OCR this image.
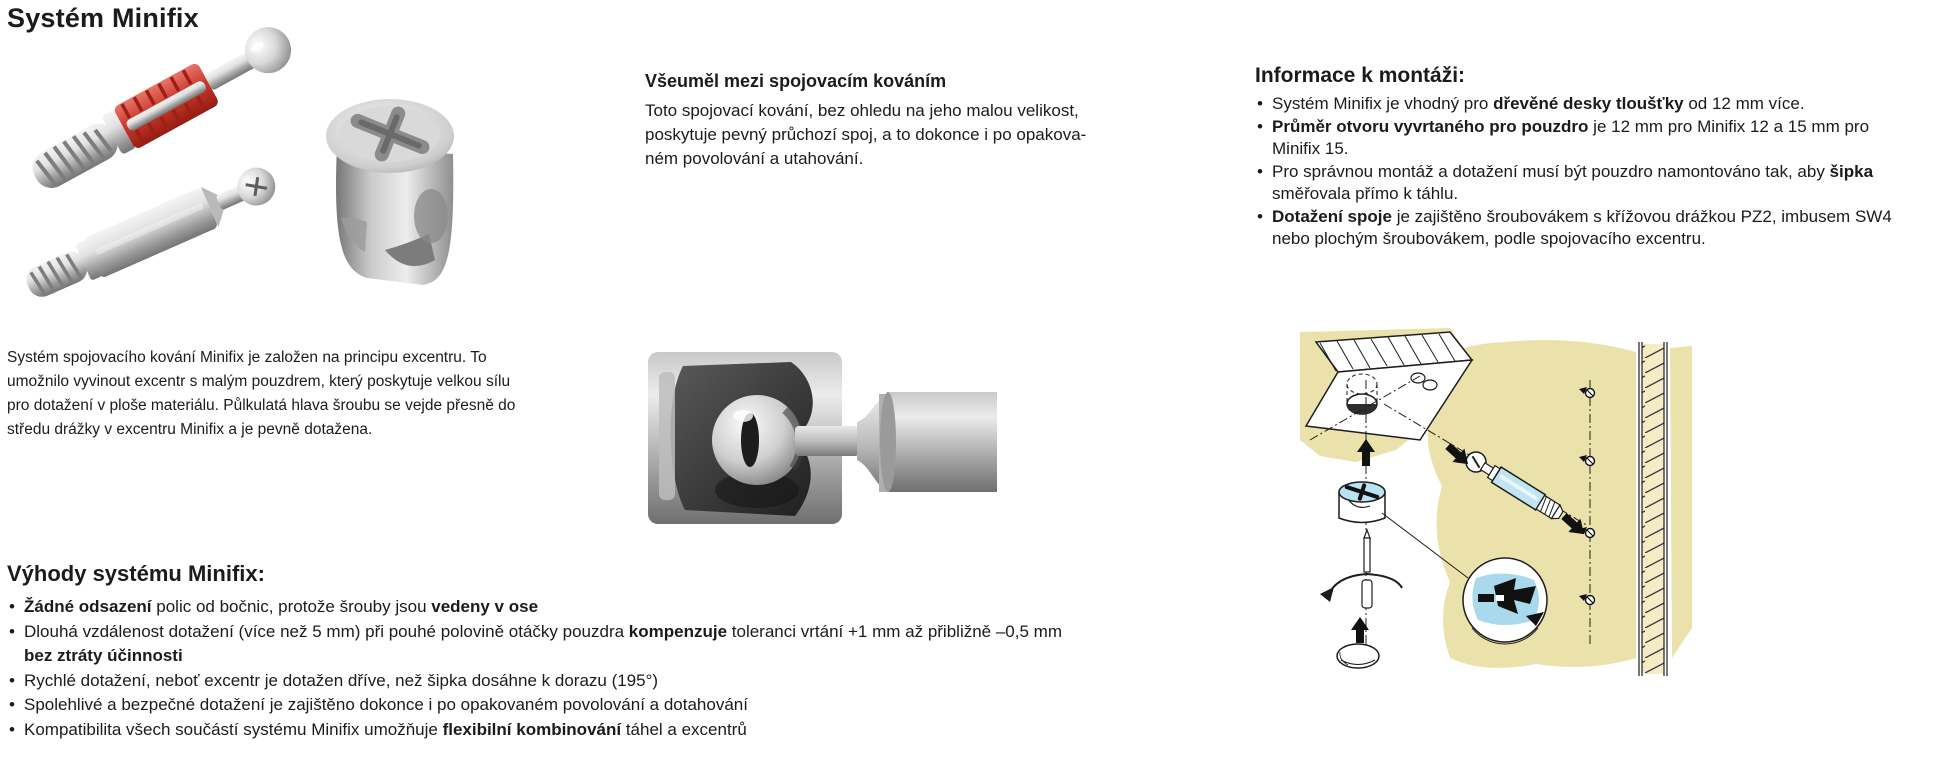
Systém Minifix
Systém spojovacího kování Minifix je založen na principu excentru. To
umožnilo vyvinout excentr s malým pouzdrem, který poskytuje velkou sílu
pro dotažení v ploše materiálu. Půlkulatá hlava šroubu se vejde přesně do
středu drážky v excentru Minifix a je pevně dotažena.
Všeuměl mezi spojovacím kováním

Toto spojovací kování, bez ohledu na jeho malou velikost,
poskytuje pevný průchozí spoj, a to dokonce i po opakova-
ném povolování a utahování.

Výhody systému Minifix:
• Žádné odsazení polic od bočnic, protože šrouby jsou vedeny v ose
• Dlouhá vzdálenost dotažení (více než 5 mm) při pouhé polovině otáčky pouzdra kompenzuje toleranci vrtání +1 mm až přibližně –0,5 mm
bez ztráty účinnosti
• Rychlé dotažení, neboť excentr je dotažen dříve, než šipka dosáhne k dorazu (195°)
• Spolehlivé a bezpečné dotažení je zajištěno dokonce i po opakovaném povolování a dotahování
• Kompatibilita všech součástí systému Minifix umožňuje flexibilní kombinování táhel a excentrů
Informace k montáži:
• Systém Minifix je vhodný pro dřevěné desky tloušťky od 12 mm více.
• Průměr otvoru vyvrtaného pro pouzdro je 12 mm pro Minifix 12 a 15 mm pro
Minifix 15.
• Pro správnou montáž a dotažení musí být pouzdro namontováno tak, aby šipka
směřovala přímo k táhlu.
• Dotažení spoje je zajištěno šroubovákem s křížovou drážkou PZ2, imbusem SW4
nebo plochým šroubovákem, podle spojovacího excentru.
